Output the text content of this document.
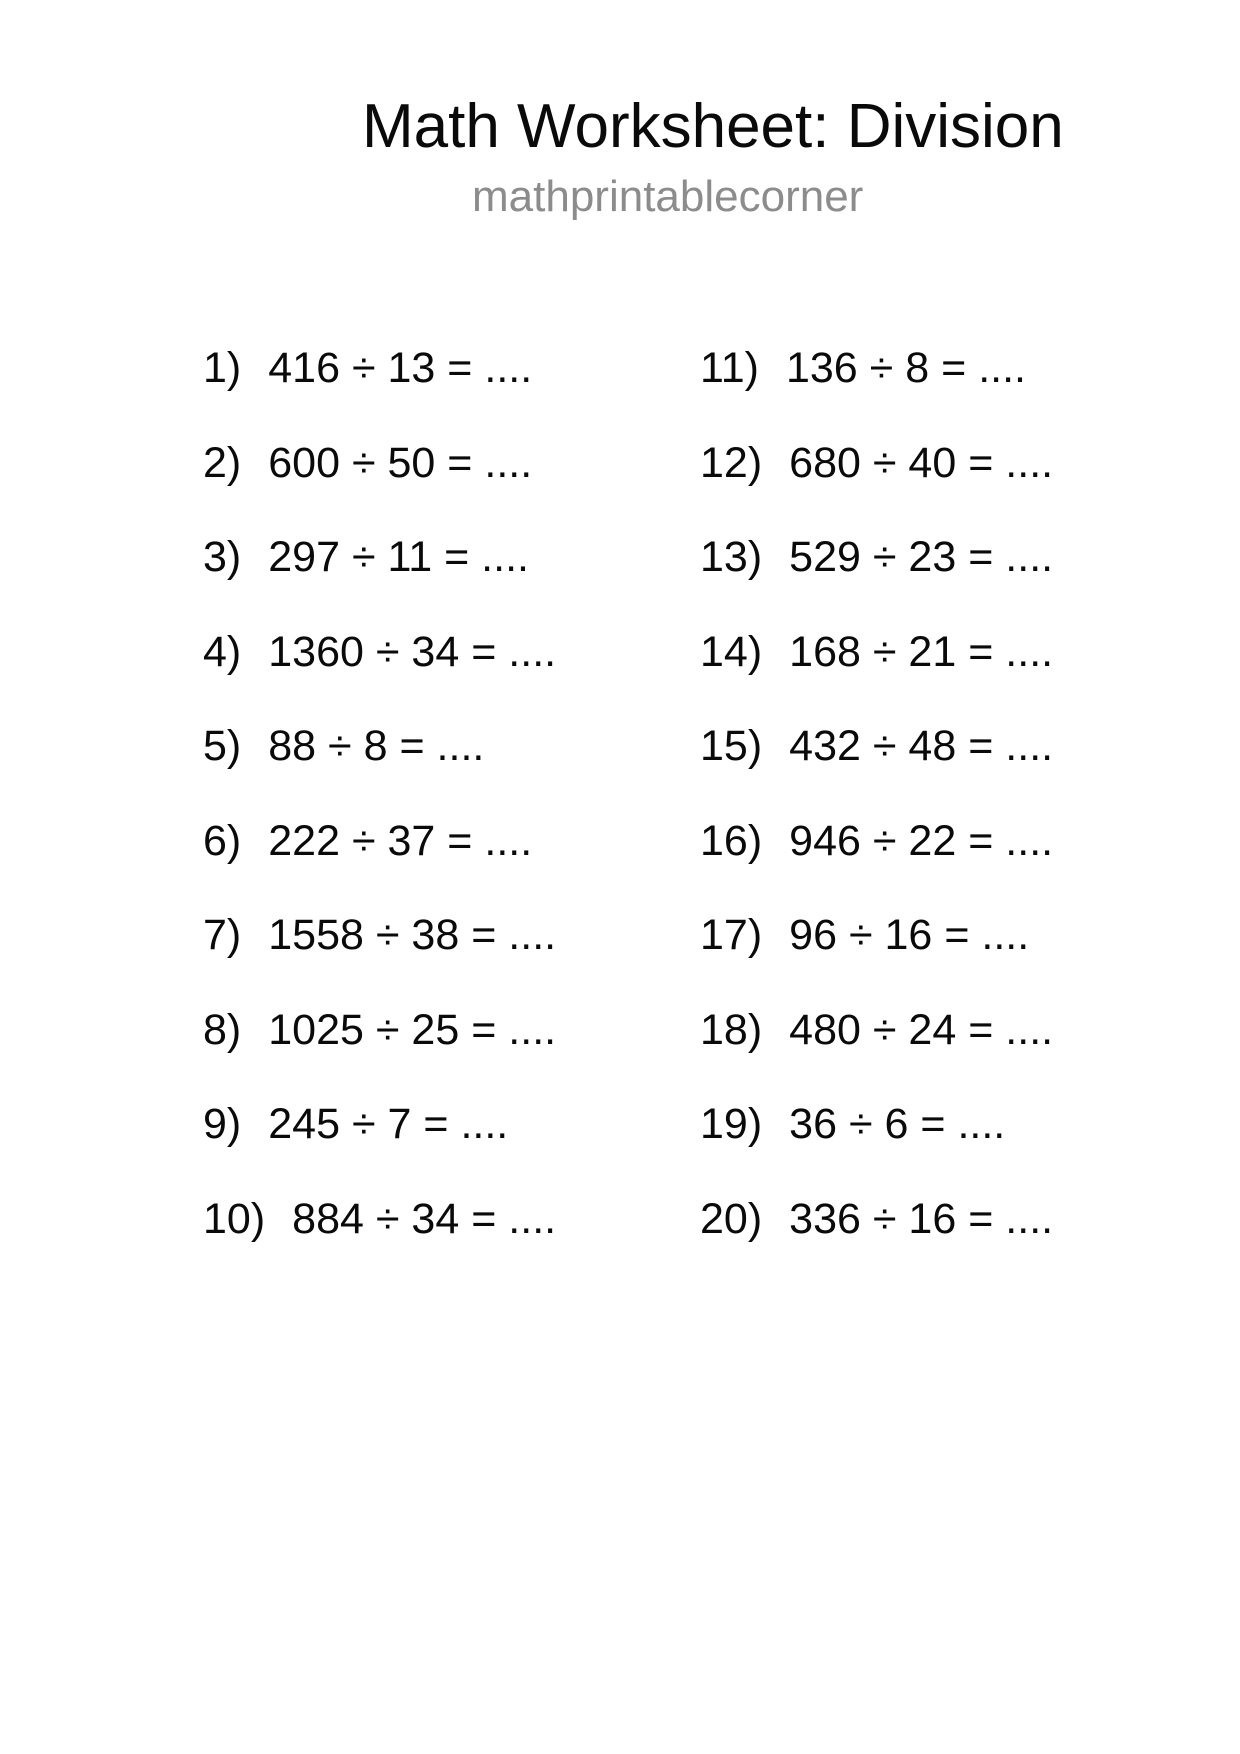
Math Worksheet: Division
mathprintablecorner
1) 416 ÷ 13 = ....
2) 600 ÷ 50 = ....
3) 297 ÷ 11 = ....
4) 1360 ÷ 34 = ....
5) 88 ÷ 8 = ....
6) 222 ÷ 37 = ....
7) 1558 ÷ 38 = ....
8) 1025 ÷ 25 = ....
9) 245 ÷ 7 = ....
10) 884 ÷ 34 = ....
11) 136 ÷ 8 = ....
12) 680 ÷ 40 = ....
13) 529 ÷ 23 = ....
14) 168 ÷ 21 = ....
15) 432 ÷ 48 = ....
16) 946 ÷ 22 = ....
17) 96 ÷ 16 = ....
18) 480 ÷ 24 = ....
19) 36 ÷ 6 = ....
20) 336 ÷ 16 = ....
